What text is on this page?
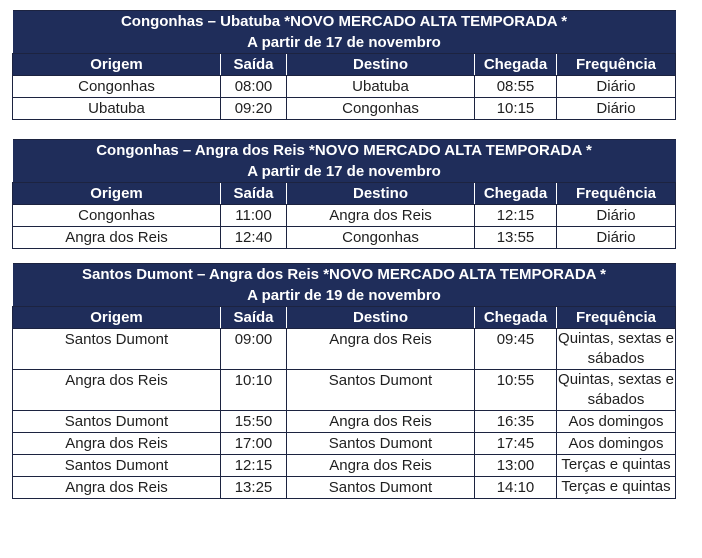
Congonhas – Ubatuba *NOVO MERCADO ALTA TEMPORADA *				
A partir de 17 de novembro				
Origem	Saída	Destino	Chegada	Frequência
Congonhas	08:00	Ubatuba	08:55	Diário
Ubatuba	09:20	Congonhas	10:15	Diário
Congonhas – Angra dos Reis *NOVO MERCADO ALTA TEMPORADA *				
A partir de 17 de novembro				
Origem	Saída	Destino	Chegada	Frequência
Congonhas	11:00	Angra dos Reis	12:15	Diário
Angra dos Reis	12:40	Congonhas	13:55	Diário
Santos Dumont – Angra dos Reis *NOVO MERCADO ALTA TEMPORADA *				
A partir de 19 de novembro				
Origem	Saída	Destino	Chegada	Frequência
Santos Dumont	09:00	Angra dos Reis	09:45	Quintas, sextas e sábados
Angra dos Reis	10:10	Santos Dumont	10:55	Quintas, sextas e sábados
Santos Dumont	15:50	Angra dos Reis	16:35	Aos domingos
Angra dos Reis	17:00	Santos Dumont	17:45	Aos domingos
Santos Dumont	12:15	Angra dos Reis	13:00	Terças e quintas
Angra dos Reis	13:25	Santos Dumont	14:10	Terças e quintas
